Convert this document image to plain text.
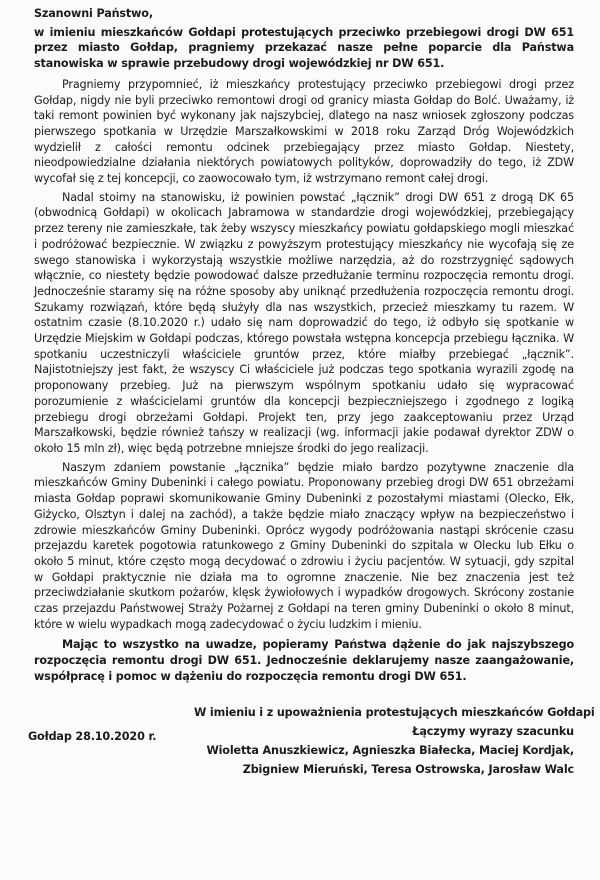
Szanowni Państwo,

w imieniu mieszkańców Gołdapi protestujących przeciwko przebiegowi drogi DW 651 przez miasto Gołdap, pragniemy przekazać nasze pełne poparcie dla Państwa stanowiska w sprawie przebudowy drogi wojewódzkiej nr DW 651.

Pragniemy przypomnieć, iż mieszkańcy protestujący przeciwko przebiegowi drogi przez Gołdap, nigdy nie byli przeciwko remontowi drogi od granicy miasta Gołdap do Bolć. Uważamy, iż taki remont powinien być wykonany jak najszybciej, dlatego na nasz wniosek zgłoszony podczas pierwszego spotkania w Urzędzie Marszałkowskimi w 2018 roku Zarząd Dróg Wojewódzkich wydzielił z całości remontu odcinek przebiegający przez miasto Gołdap. Niestety, nieodpowiedzialne działania niektórych powiatowych polityków, doprowadziły do tego, iż ZDW wycofał się z tej koncepcji, co zaowocowało tym, iż wstrzymano remont całej drogi.

Nadal stoimy na stanowisku, iż powinien powstać „łącznik” drogi DW 651 z drogą DK 65 (obwodnicą Gołdapi) w okolicach Jabramowa w standardzie drogi wojewódzkiej, przebiegający przez tereny nie zamieszkałe, tak żeby wszyscy mieszkańcy powiatu gołdapskiego mogli mieszkać i podróżować bezpiecznie. W związku z powyższym protestujący mieszkańcy nie wycofają się ze swego stanowiska i wykorzystają wszystkie możliwe narzędzia, aż do rozstrzygnięć sądowych włącznie, co niestety będzie powodować dalsze przedłużanie terminu rozpoczęcia remontu drogi. Jednocześnie staramy się na różne sposoby aby uniknąć przedłużenia rozpoczęcia remontu drogi. Szukamy rozwiązań, które będą służyły dla nas wszystkich, przecież mieszkamy tu razem. W ostatnim czasie (8.10.2020 r.) udało się nam doprowadzić do tego, iż odbyło się spotkanie w Urzędzie Miejskim w Gołdapi podczas, którego powstała wstępna koncepcja przebiegu łącznika. W spotkaniu uczestniczyli właściciele gruntów przez, które miałby przebiegać „łącznik”. Najistotniejszy jest fakt, że wszyscy Ci właściciele już podczas tego spotkania wyrazili zgodę na proponowany przebieg. Już na pierwszym wspólnym spotkaniu udało się wypracować porozumienie z właścicielami gruntów dla koncepcji bezpieczniejszego i zgodnego z logiką przebiegu drogi obrzeżami Gołdapi. Projekt ten, przy jego zaakceptowaniu przez Urząd Marszałkowski, będzie również tańszy w realizacji (wg. informacji jakie podawał dyrektor ZDW o około 15 mln zł), więc będą potrzebne mniejsze środki do jego realizacji.

Naszym zdaniem powstanie „łącznika” będzie miało bardzo pozytywne znaczenie dla mieszkańców Gminy Dubeninki i całego powiatu. Proponowany przebieg drogi DW 651 obrzeżami miasta Gołdap poprawi skomunikowanie Gminy Dubeninki z pozostałymi miastami (Olecko, Ełk, Giżycko, Olsztyn i dalej na zachód), a także będzie miało znaczący wpływ na bezpieczeństwo i zdrowie mieszkańców Gminy Dubeninki. Oprócz wygody podróżowania nastąpi skrócenie czasu przejazdu karetek pogotowia ratunkowego z Gminy Dubeninki do szpitala w Olecku lub Ełku o około 5 minut, które często mogą decydować o zdrowiu i życiu pacjentów. W sytuacji, gdy szpital w Gołdapi praktycznie nie działa ma to ogromne znaczenie. Nie bez znaczenia jest też przeciwdziałanie skutkom pożarów, klęsk żywiołowych i wypadków drogowych. Skrócony zostanie czas przejazdu Państwowej Straży Pożarnej z Gołdapi na teren gminy Dubeninki o około 8 minut, które w wielu wypadkach mogą zadecydować o życiu ludzkim i mieniu.

Mając to wszystko na uwadze, popieramy Państwa dążenie do jak najszybszego rozpoczęcia remontu drogi DW 651. Jednocześnie deklarujemy nasze zaangażowanie, współpracę i pomoc w dążeniu do rozpoczęcia remontu drogi DW 651.

Gołdap 28.10.2020 r.
W imieniu i z upoważnienia protestujących mieszkańców Gołdapi
Łączymy wyrazy szacunku
Wioletta Anuszkiewicz, Agnieszka Białecka, Maciej Kordjak,
Zbigniew Mieruński, Teresa Ostrowska, Jarosław Walc
